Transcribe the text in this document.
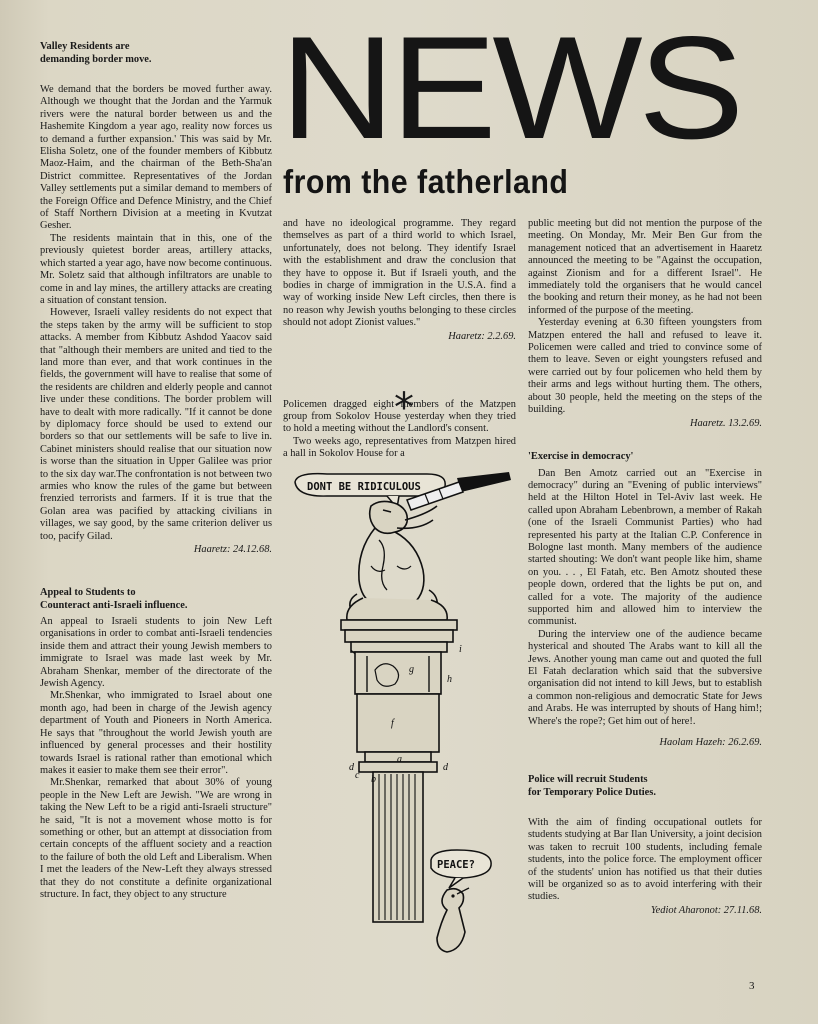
NEWS
from the fatherland

Valley Residents are

demanding border move.

We demand that the borders be moved further away. Although we thought that the Jordan and the Yarmuk rivers were the natural border between us and the Hashemite Kingdom a year ago, reality now forces us to demand a further expansion.' This was said by Mr. Elisha Soletz, one of the founder members of Kibbutz Maoz-Haim, and the chairman of the Beth-Sha'an District committee. Representatives of the Jordan Valley settlements put a similar demand to members of the Foreign Office and Defence Ministry, and the Chief of Staff Northern Division at a meeting in Kvutzat Gesher.

The residents maintain that in this, one of the previously quietest border areas, artillery attacks, which started a year ago, have now become continuous. Mr. Soletz said that although infiltrators are unable to come in and lay mines, the artillery attacks are creating a situation of constant tension.

However, Israeli valley residents do not expect that the steps taken by the army will be sufficient to stop attacks. A member from Kibbutz Ashdod Yaacov said that "although their members are united and tied to the land more than ever, and that work continues in the fields, the government will have to realise that some of the residents are children and elderly people and cannot live under these conditions. The border problem will have to dealt with more radically. "If it cannot be done by diplomacy force should be used to extend our borders so that our settlements will be safe to live in. Cabinet ministers should realise that our situation now is worse than the situation in Upper Galilee was prior to the six day war.The confrontation is not between two armies who know the rules of the game but between frenzied terrorists and farmers. If it is true that the Golan area was pacified by attacking civilians in villages, we say good, by the same criterion deliver us too, pacify Gilad.

Haaretz: 24.12.68.

Appeal to Students to

Counteract anti-Israeli influence.

An appeal to Israeli students to join New Left organisations in order to combat anti-Israeli tendencies inside them and attract their young Jewish members to immigrate to Israel was made last week by Mr. Abraham Shenkar, member of the directorate of the Jewish Agency.

Mr.Shenkar, who immigrated to Israel about one month ago, had been in charge of the Jewish agency department of Youth and Pioneers in North America. He says that "throughout the world Jewish youth are influenced by general processes and their hostility towards Israel is rational rather than emotional which makes it easier to make them see their error".

Mr.Shenkar, remarked that about 30% of young people in the New Left are Jewish. "We are wrong in taking the New Left to be a rigid anti-Israeli structure" he said, "It is not a movement whose motto is for something or other, but an attempt at dissociation from certain concepts of the affluent society and a reaction to the failure of both the old Left and Liberalism. When I met the leaders of the New-Left they always stressed that they do not constitute a definite organizational structure. In fact, they object to any structure

and have no ideological programme. They regard themselves as part of a third world to which Israel, unfortunately, does not belong. They identify Israel with the establishment and draw the conclusion that they have to oppose it. But if Israeli youth, and the bodies in charge of immigration in the U.S.A. find a way of working inside New Left circles, then there is no reason why Jewish youths belonging to these circles should not adopt Zionist values."

Haaretz: 2.2.69.

Policemen dragged eight members of the Matzpen group from Sokolov House yesterday when they tried to hold a meeting without the Landlord's consent.

Two weeks ago, representatives from Matzpen hired a hall in Sokolov House for a

*
DONT BE RIDICULOUS
i
g
h
f
a
d
c b
d
PEACE?

public meeting but did not mention the purpose of the meeting. On Monday, Mr. Meir Ben Gur from the management noticed that an advertisement in Haaretz announced the meeting to be "Against the occupation, against Zionism and for a different Israel". He immediately told the organisers that he would cancel the booking and return their money, as he had not been informed of the purpose of the meeting.

Yesterday evening at 6.30 fifteen youngsters from Matzpen entered the hall and refused to leave it. Policemen were called and tried to convince some of them to leave. Seven or eight youngsters refused and were carried out by four policemen who held them by their arms and legs without hurting them. The others, about 30 people, held the meeting on the steps of the building.

Haaretz. 13.2.69.

'Exercise in democracy'

Dan Ben Amotz carried out an "Exercise in democracy" during an "Evening of public interviews" held at the Hilton Hotel in Tel-Aviv last week. He called upon Abraham Lebenbrown, a member of Rakah (one of the Israeli Communist Parties) who had represented his party at the Italian C.P. Conference in Bologne last month. Many members of the audience started shouting: We don't want people like him, shame on you. . . , El Fatah, etc. Ben Amotz shouted these people down, ordered that the lights be put on, and called for a vote. The majority of the audience supported him and allowed him to interview the communist.

During the interview one of the audience became hysterical and shouted The Arabs want to kill all the Jews. Another young man came out and quoted the full El Fatah declaration which said that the subversive organisation did not intend to kill Jews, but to establish a common non-religious and democratic State for Jews and Arabs. He was interrupted by shouts of Hang him!; Where's the rope?; Get him out of here!.

Haolam Hazeh: 26.2.69.

Police will recruit Students

for Temporary Police Duties.

With the aim of finding occupational outlets for students studying at Bar Ilan University, a joint decision was taken to recruit 100 students, including female students, into the police force. The employment officer of the students' union has notified us that their duties will be organized so as to avoid interfering with their studies.

Yediot Aharonot: 27.11.68.

3
